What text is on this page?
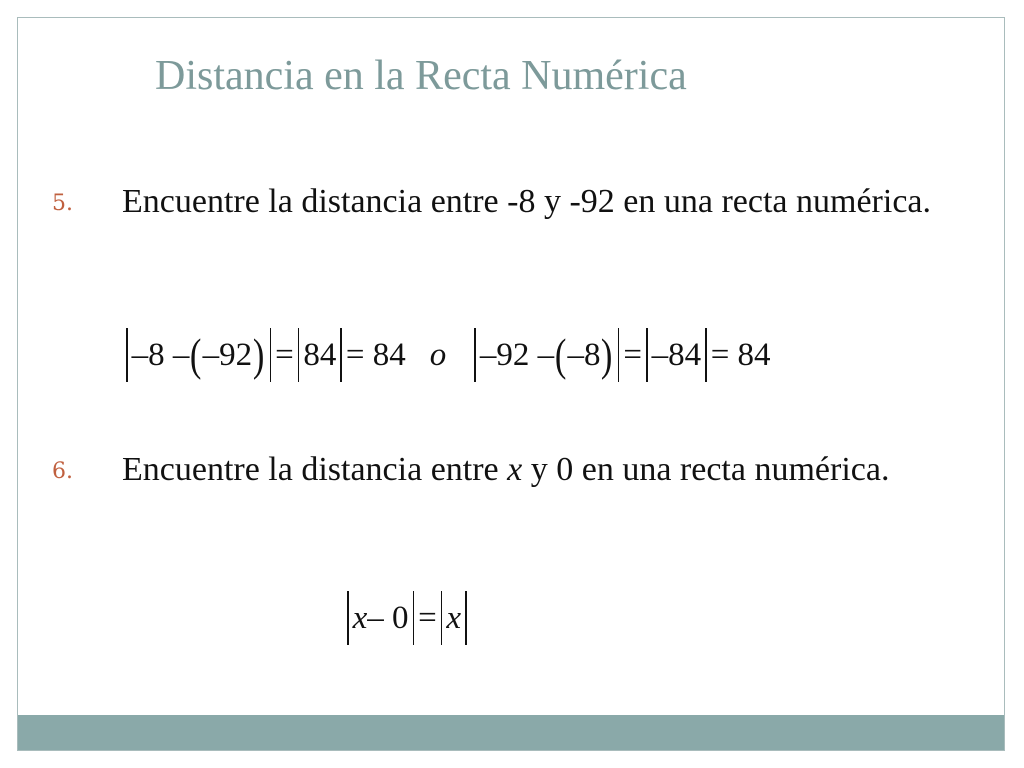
Distancia en la Recta Numérica
5. Encuentre la distancia entre -8 y -92 en una recta numérica.
–8 – ( –92 ) = 84 = 84 o –92 – ( –8 ) = –84 = 84
6. Encuentre la distancia entre x y 0 en una recta numérica.
x – 0 = x
